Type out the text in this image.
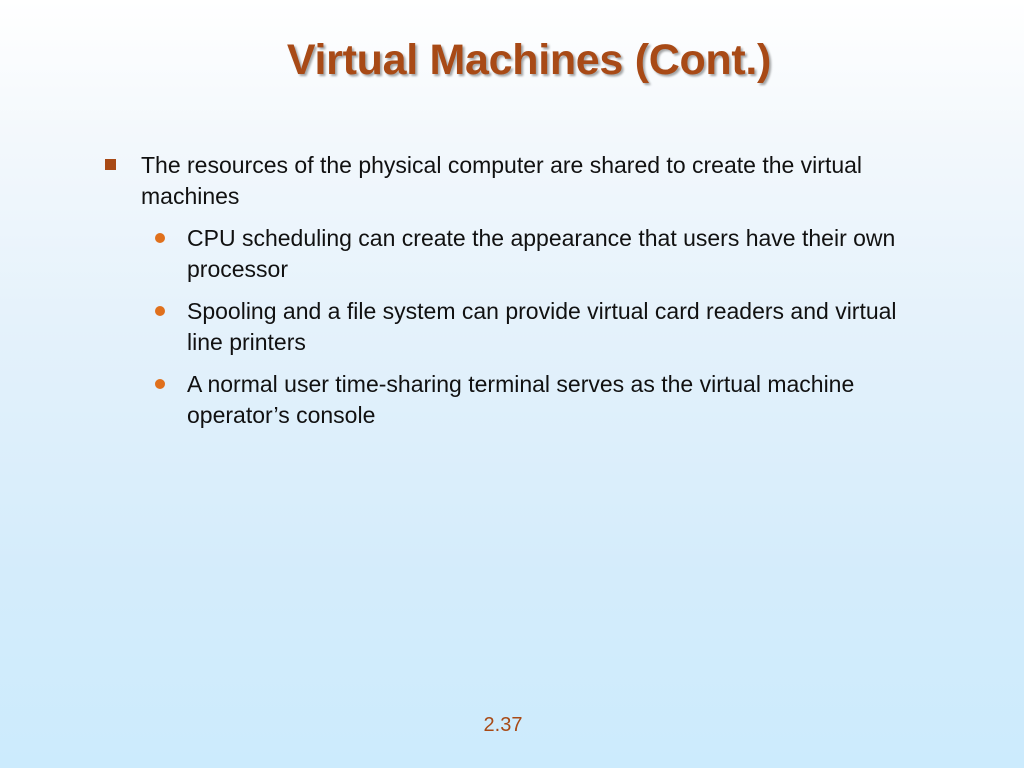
Virtual Machines (Cont.)
The resources of the physical computer are shared to create the virtual machines
CPU scheduling can create the appearance that users have their own processor
Spooling and a file system can provide virtual card readers and virtual line printers
A normal user time-sharing terminal serves as the virtual machine operator’s console
2.37
